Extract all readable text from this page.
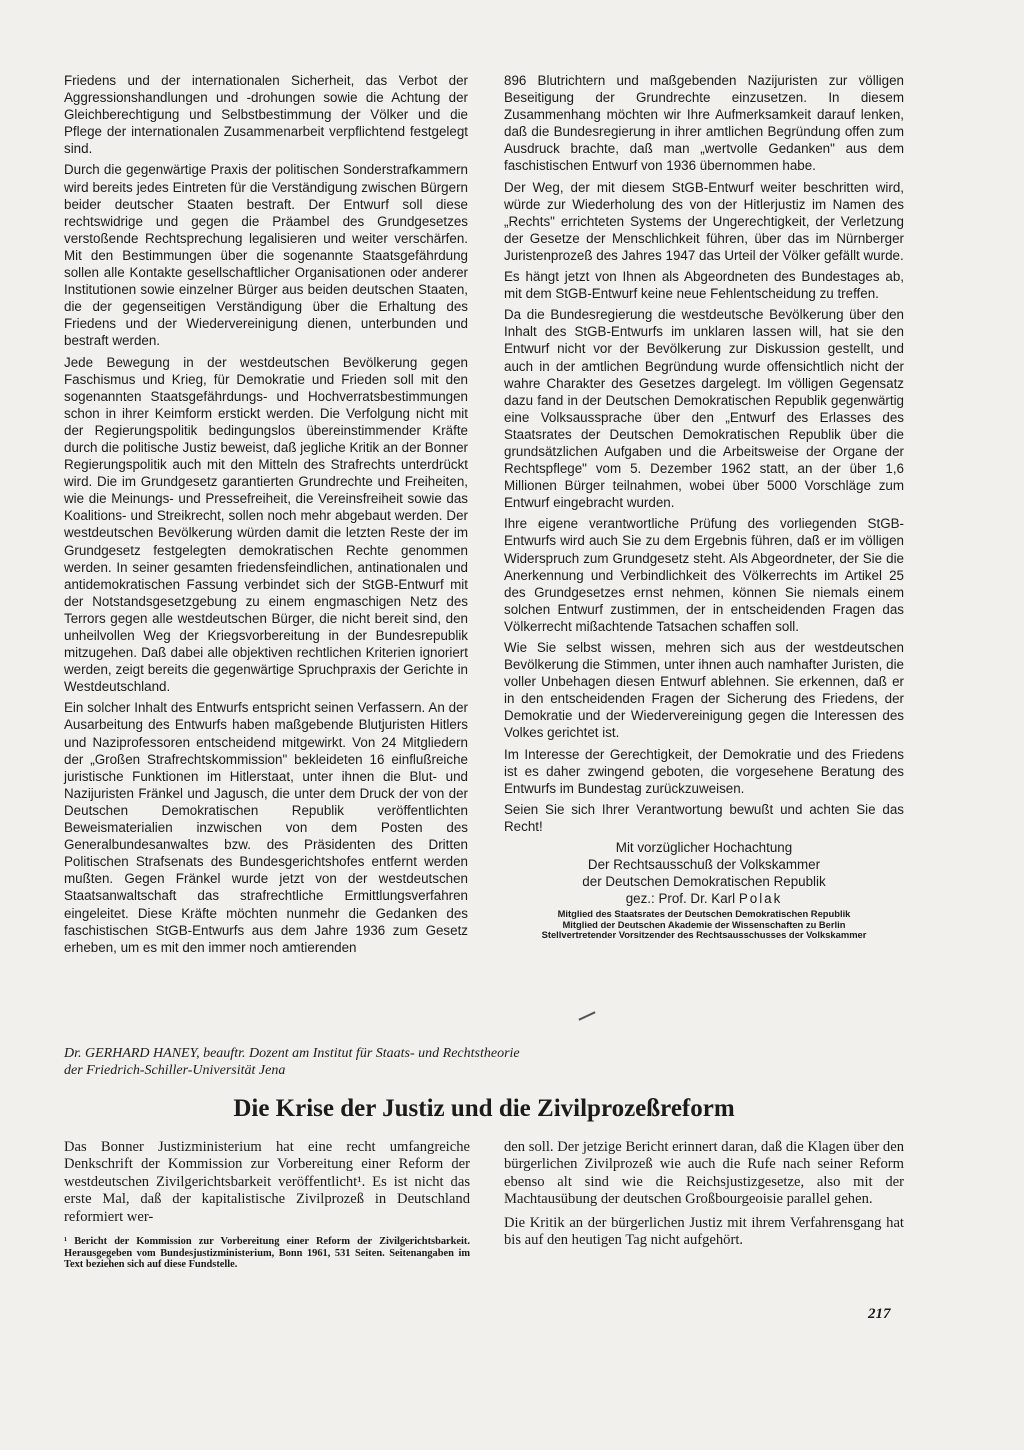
Friedens und der internationalen Sicherheit, das Verbot der Aggressionshandlungen und -drohungen sowie die Achtung der Gleichberechtigung und Selbstbestimmung der Völker und die Pflege der internationalen Zusammenarbeit verpflichtend festgelegt sind.

Durch die gegenwärtige Praxis der politischen Sonderstrafkammern wird bereits jedes Eintreten für die Verständigung zwischen Bürgern beider deutscher Staaten bestraft. Der Entwurf soll diese rechtswidrige und gegen die Präambel des Grundgesetzes verstoßende Rechtsprechung legalisieren und weiter verschärfen. Mit den Bestimmungen über die sogenannte Staatsgefährdung sollen alle Kontakte gesellschaftlicher Organisationen oder anderer Institutionen sowie einzelner Bürger aus beiden deutschen Staaten, die der gegenseitigen Verständigung über die Erhaltung des Friedens und der Wiedervereinigung dienen, unterbunden und bestraft werden.

Jede Bewegung in der westdeutschen Bevölkerung gegen Faschismus und Krieg, für Demokratie und Frieden soll mit den sogenannten Staatsgefährdungs- und Hochverratsbestimmungen schon in ihrer Keimform erstickt werden. Die Verfolgung nicht mit der Regierungspolitik bedingungslos übereinstimmender Kräfte durch die politische Justiz beweist, daß jegliche Kritik an der Bonner Regierungspolitik auch mit den Mitteln des Strafrechts unterdrückt wird. Die im Grundgesetz garantierten Grundrechte und Freiheiten, wie die Meinungs- und Pressefreiheit, die Vereinsfreiheit sowie das Koalitions- und Streikrecht, sollen noch mehr abgebaut werden. Der westdeutschen Bevölkerung würden damit die letzten Reste der im Grundgesetz festgelegten demokratischen Rechte genommen werden. In seiner gesamten friedensfeindlichen, antinationalen und antidemokratischen Fassung verbindet sich der StGB-Entwurf mit der Notstandsgesetzgebung zu einem engmaschigen Netz des Terrors gegen alle westdeutschen Bürger, die nicht bereit sind, den unheilvollen Weg der Kriegsvorbereitung in der Bundesrepublik mitzugehen. Daß dabei alle objektiven rechtlichen Kriterien ignoriert werden, zeigt bereits die gegenwärtige Spruchpraxis der Gerichte in Westdeutschland.

Ein solcher Inhalt des Entwurfs entspricht seinen Verfassern. An der Ausarbeitung des Entwurfs haben maßgebende Blutjuristen Hitlers und Naziprofessoren entscheidend mitgewirkt. Von 24 Mitgliedern der „Großen Strafrechtskommission" bekleideten 16 einflußreiche juristische Funktionen im Hitlerstaat, unter ihnen die Blut- und Nazijuristen Fränkel und Jagusch, die unter dem Druck der von der Deutschen Demokratischen Republik veröffentlichten Beweismaterialien inzwischen von dem Posten des Generalbundesanwaltes bzw. des Präsidenten des Dritten Politischen Strafsenats des Bundesgerichtshofes entfernt werden mußten. Gegen Fränkel wurde jetzt von der westdeutschen Staatsanwaltschaft das strafrechtliche Ermittlungsverfahren eingeleitet. Diese Kräfte möchten nunmehr die Gedanken des faschistischen StGB-Entwurfs aus dem Jahre 1936 zum Gesetz erheben, um es mit den immer noch amtierenden

896 Blutrichtern und maßgebenden Nazijuristen zur völligen Beseitigung der Grundrechte einzusetzen. In diesem Zusammenhang möchten wir Ihre Aufmerksamkeit darauf lenken, daß die Bundesregierung in ihrer amtlichen Begründung offen zum Ausdruck brachte, daß man „wertvolle Gedanken" aus dem faschistischen Entwurf von 1936 übernommen habe.

Der Weg, der mit diesem StGB-Entwurf weiter beschritten wird, würde zur Wiederholung des von der Hitlerjustiz im Namen des „Rechts" errichteten Systems der Ungerechtigkeit, der Verletzung der Gesetze der Menschlichkeit führen, über das im Nürnberger Juristenprozeß des Jahres 1947 das Urteil der Völker gefällt wurde.

Es hängt jetzt von Ihnen als Abgeordneten des Bundestages ab, mit dem StGB-Entwurf keine neue Fehlentscheidung zu treffen.

Da die Bundesregierung die westdeutsche Bevölkerung über den Inhalt des StGB-Entwurfs im unklaren lassen will, hat sie den Entwurf nicht vor der Bevölkerung zur Diskussion gestellt, und auch in der amtlichen Begründung wurde offensichtlich nicht der wahre Charakter des Gesetzes dargelegt. Im völligen Gegensatz dazu fand in der Deutschen Demokratischen Republik gegenwärtig eine Volksaussprache über den „Entwurf des Erlasses des Staatsrates der Deutschen Demokratischen Republik über die grundsätzlichen Aufgaben und die Arbeitsweise der Organe der Rechtspflege" vom 5. Dezember 1962 statt, an der über 1,6 Millionen Bürger teilnahmen, wobei über 5000 Vorschläge zum Entwurf eingebracht wurden.

Ihre eigene verantwortliche Prüfung des vorliegenden StGB-Entwurfs wird auch Sie zu dem Ergebnis führen, daß er im völligen Widerspruch zum Grundgesetz steht. Als Abgeordneter, der Sie die Anerkennung und Verbindlichkeit des Völkerrechts im Artikel 25 des Grundgesetzes ernst nehmen, können Sie niemals einem solchen Entwurf zustimmen, der in entscheidenden Fragen das Völkerrecht mißachtende Tatsachen schaffen soll.

Wie Sie selbst wissen, mehren sich aus der westdeutschen Bevölkerung die Stimmen, unter ihnen auch namhafter Juristen, die voller Unbehagen diesen Entwurf ablehnen. Sie erkennen, daß er in den entscheidenden Fragen der Sicherung des Friedens, der Demokratie und der Wiedervereinigung gegen die Interessen des Volkes gerichtet ist.

Im Interesse der Gerechtigkeit, der Demokratie und des Friedens ist es daher zwingend geboten, die vorgesehene Beratung des Entwurfs im Bundestag zurückzuweisen.

Seien Sie sich Ihrer Verantwortung bewußt und achten Sie das Recht!

Mit vorzüglicher Hochachtung
Der Rechtsausschuß der Volkskammer
der Deutschen Demokratischen Republik
gez.: Prof. Dr. Karl Polak
Mitglied des Staatsrates der Deutschen Demokratischen Republik
Mitglied der Deutschen Akademie der Wissenschaften zu Berlin
Stellvertretender Vorsitzender des Rechtsausschusses der Volkskammer
Dr. GERHARD HANEY, beauftr. Dozent am Institut für Staats- und Rechtstheorie
der Friedrich-Schiller-Universität Jena
Die Krise der Justiz und die Zivilprozeßreform

Das Bonner Justizministerium hat eine recht umfangreiche Denkschrift der Kommission zur Vorbereitung einer Reform der westdeutschen Zivilgerichtsbarkeit veröffentlicht¹. Es ist nicht das erste Mal, daß der kapitalistische Zivilprozeß in Deutschland reformiert wer-

¹ Bericht der Kommission zur Vorbereitung einer Reform der Zivilgerichtsbarkeit. Herausgegeben vom Bundesjustizministerium, Bonn 1961, 531 Seiten. Seitenangaben im Text beziehen sich auf diese Fundstelle.

den soll. Der jetzige Bericht erinnert daran, daß die Klagen über den bürgerlichen Zivilprozeß wie auch die Rufe nach seiner Reform ebenso alt sind wie die Reichsjustizgesetze, also mit der Machtausübung der deutschen Großbourgeoisie parallel gehen.

Die Kritik an der bürgerlichen Justiz mit ihrem Verfahrensgang hat bis auf den heutigen Tag nicht aufgehört.

217
